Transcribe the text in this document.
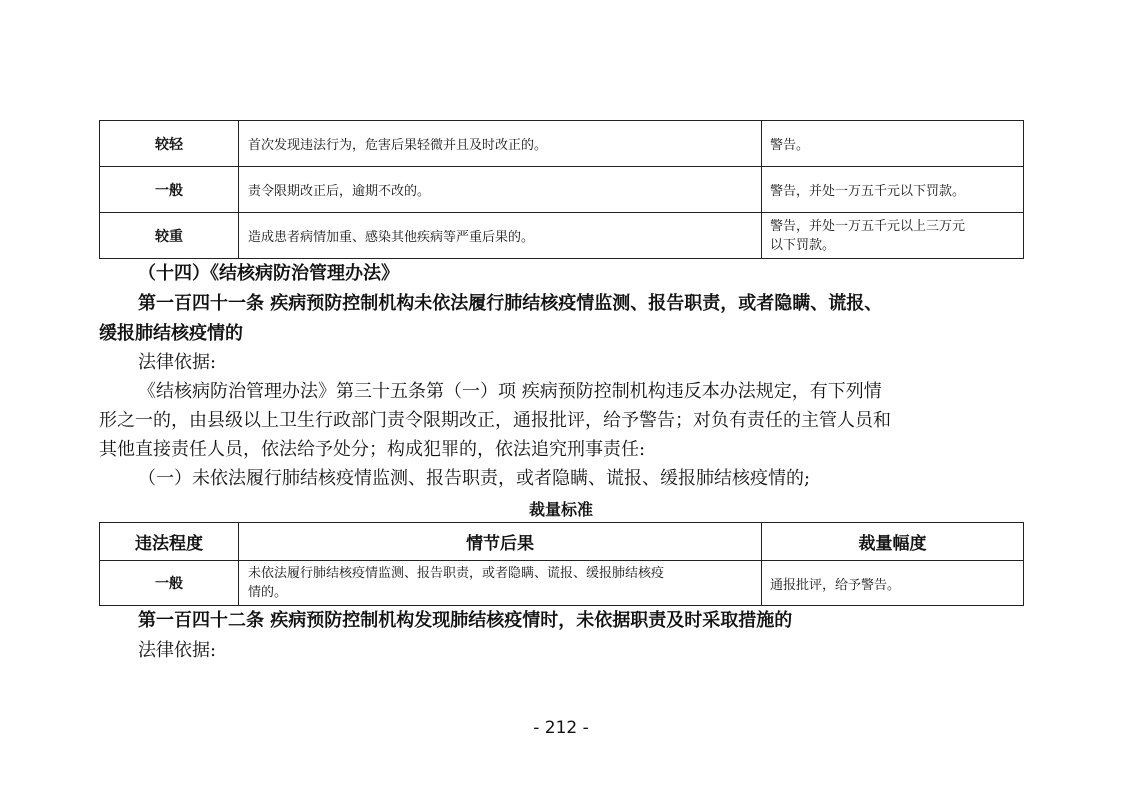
较轻	首次发现违法行为，危害后果轻微并且及时改正的。	警告。
一般	责令限期改正后，逾期不改的。	警告，并处一万五千元以下罚款。
较重	造成患者病情加重、感染其他疾病等严重后果的。	警告，并处一万五千元以上三万元
以下罚款。
（十四）《结核病防治管理办法》
第一百四十一条 疾病预防控制机构未依法履行肺结核疫情监测、报告职责，或者隐瞒、谎报、
缓报肺结核疫情的
法律依据:
《结核病防治管理办法》第三十五条第（一）项 疾病预防控制机构违反本办法规定，有下列情
形之一的，由县级以上卫生行政部门责令限期改正，通报批评，给予警告；对负有责任的主管人员和
其他直接责任人员，依法给予处分；构成犯罪的，依法追究刑事责任:
（一）未依法履行肺结核疫情监测、报告职责，或者隐瞒、谎报、缓报肺结核疫情的;
裁量标准
违法程度	情节后果	裁量幅度
一般	未依法履行肺结核疫情监测、报告职责，或者隐瞒、谎报、缓报肺结核疫
情的。	通报批评，给予警告。
第一百四十二条 疾病预防控制机构发现肺结核疫情时，未依据职责及时采取措施的
法律依据:
- 212 -
